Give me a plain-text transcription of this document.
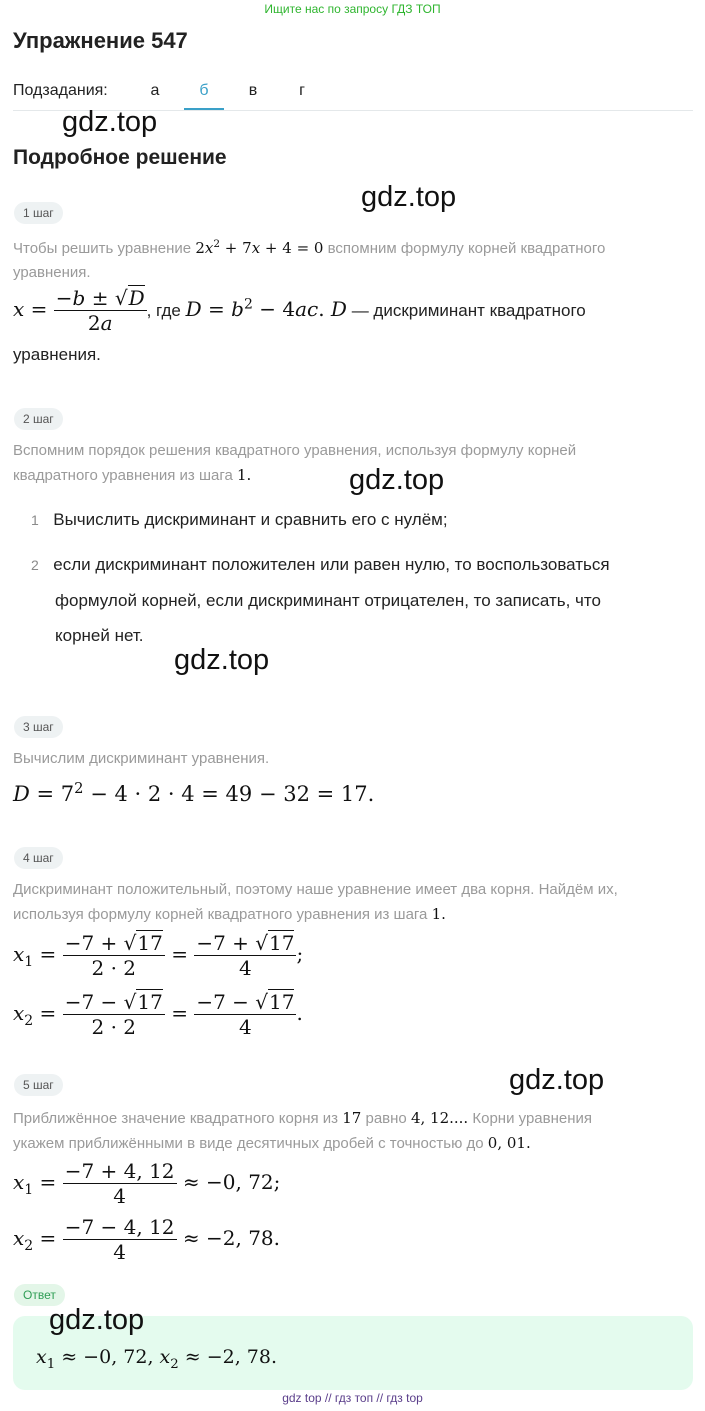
Ищите нас по запросу ГДЗ ТОП
Упражнение 547
Подзадания:	а	б	в	г
gdz.top
Подробное решение
gdz.top
1 шаг
Чтобы решить уравнение $2x^2 + 7x + 4 = 0$ вспомним формулу корней квадратного
уравнения.
$x = \frac{-b \pm √D}{2a}$ , где $D = b^2 - 4ac$. D — дискриминант квадратного
уравнения.
2 шаг
Вспомним порядок решения квадратного уравнения, используя формулу корней
квадратного уравнения из шага 1.	gdz.top
1 Вычислить дискриминант и сравнить его с нулём;
2 если дискриминант положителен или равен нулю, то воспользоваться
формулой корней, если дискриминант отрицателен, то записать, что
корней нет.
gdz.top
3 шаг
Вычислим дискриминант уравнения.
$D = 7^2 - 4 \cdot 2 \cdot 4 = 49 - 32 = 17$.
4 шаг
Дискриминант положительный, поэтому наше уравнение имеет два корня. Найдём их,
используя формулу корней квадратного уравнения из шага 1.
$x_1 = \frac{-7 + √17}{2 \cdot 2} = \frac{-7 + √17}{4}$ ;
$x_2 = \frac{-7 - √17}{2 \cdot 2} = \frac{-7 - √17}{4}$ .
5 шаг	gdz.top
Приближённое значение квадратного корня из 17 равно 4, 12.... Корни уравнения
укажем приближёнными в виде десятичных дробей с точностью до 0, 01.
$x_1 = \frac{-7 + 4, 12}{4} \approx -0$, 72;
$x_2 = \frac{-7 - 4, 12}{4} \approx -2$, 78.
Ответ
gdz.top
$x_1 \approx -0$, 72, $x_2 \approx -2$, 78.
gdz top // гдз топ // гдз top
